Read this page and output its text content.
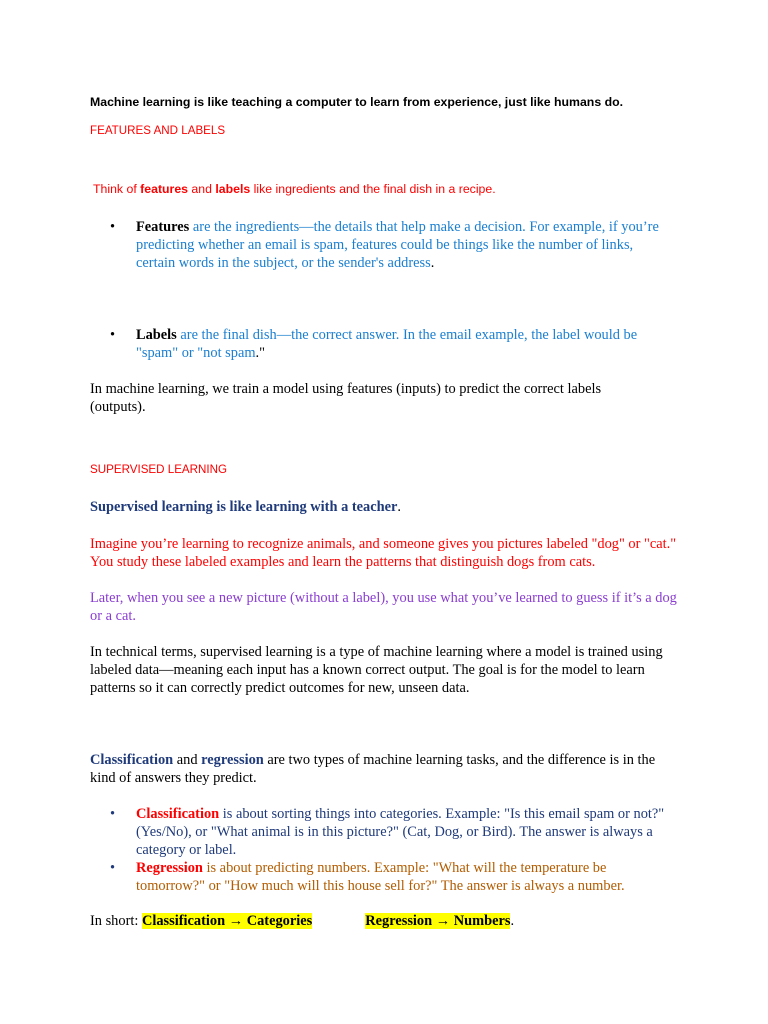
Machine learning is like teaching a computer to learn from experience, just like humans do.

FEATURES AND LABELS

Think of features and labels like ingredients and the final dish in a recipe.

•	Features are the ingredients—the details that help make a decision. For example, if you’re predicting whether an email is spam, features could be things like the number of links, certain words in the subject, or the sender's address.

•	Labels are the final dish—the correct answer. In the email example, the label would be "spam" or "not spam."

In machine learning, we train a model using features (inputs) to predict the correct labels (outputs).

SUPERVISED LEARNING

Supervised learning is like learning with a teacher.

Imagine you’re learning to recognize animals, and someone gives you pictures labeled "dog" or "cat." You study these labeled examples and learn the patterns that distinguish dogs from cats.

Later, when you see a new picture (without a label), you use what you’ve learned to guess if it’s a dog or a cat.

In technical terms, supervised learning is a type of machine learning where a model is trained using labeled data—meaning each input has a known correct output. The goal is for the model to learn patterns so it can correctly predict outcomes for new, unseen data.

Classification and regression are two types of machine learning tasks, and the difference is in the kind of answers they predict.

•	Classification is about sorting things into categories. Example: "Is this email spam or not?" (Yes/No), or "What animal is in this picture?" (Cat, Dog, or Bird). The answer is always a category or label.

•	Regression is about predicting numbers. Example: "What will the temperature be tomorrow?" or "How much will this house sell for?" The answer is always a number.

In short: Classification → Categories	Regression → Numbers.
